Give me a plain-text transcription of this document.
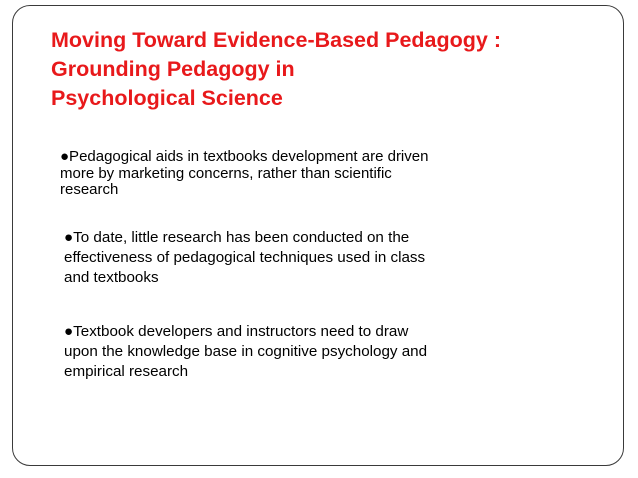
Moving Toward Evidence-Based Pedagogy :
Grounding Pedagogy in
Psychological Science

●Pedagogical aids in textbooks development are driven
more by marketing concerns, rather than scientific
research

●To date, little research has been conducted on the
effectiveness of pedagogical techniques used in class
and textbooks

●Textbook developers and instructors need to draw
upon the knowledge base in cognitive psychology and
empirical research
